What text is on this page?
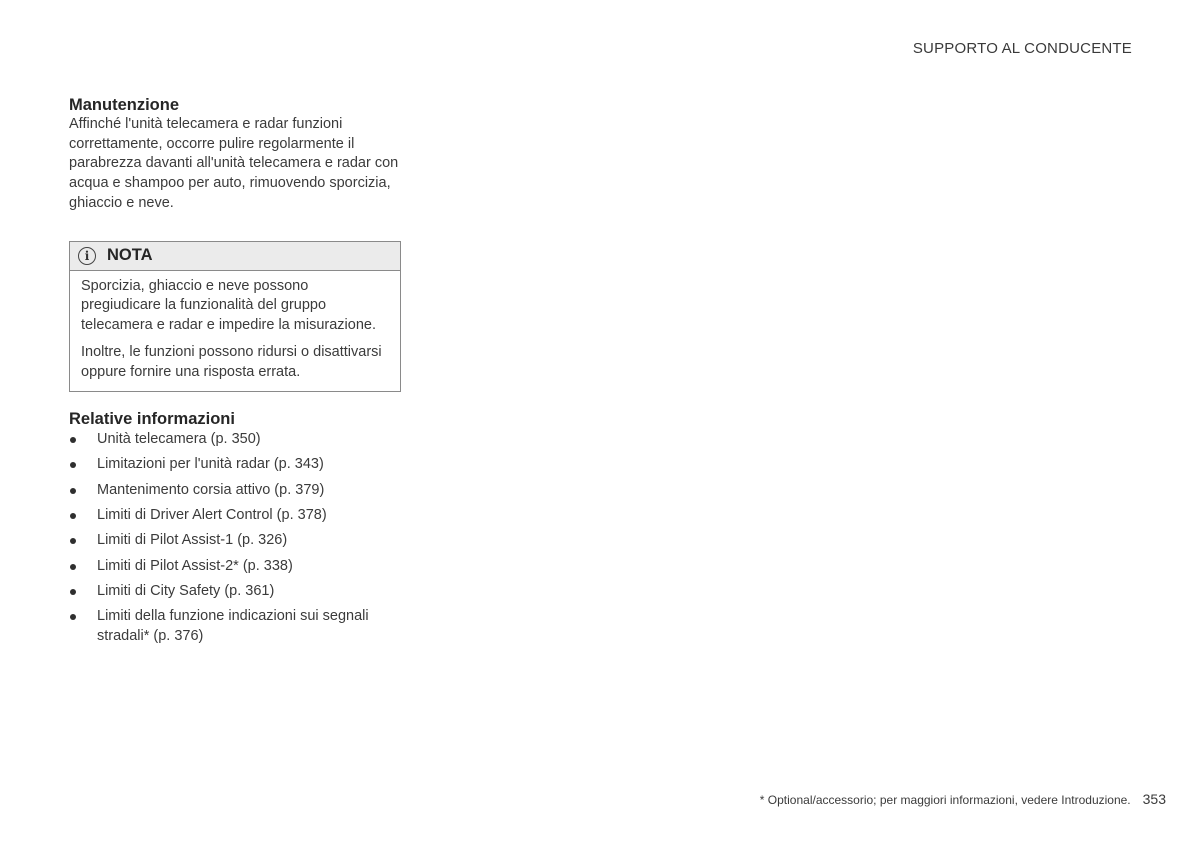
SUPPORTO AL CONDUCENTE
Manutenzione

Affinché l'unità telecamera e radar funzioni correttamente, occorre pulire regolarmente il parabrezza davanti all'unità telecamera e radar con acqua e shampoo per auto, rimuovendo sporcizia, ghiaccio e neve.

i	NOTA

Sporcizia, ghiaccio e neve possono pregiudicare la funzionalità del gruppo telecamera e radar e impedire la misurazione.

Inoltre, le funzioni possono ridursi o disattivarsi oppure fornire una risposta errata.

Relative informazioni
Unità telecamera (p. 350)
Limitazioni per l'unità radar (p. 343)
Mantenimento corsia attivo (p. 379)
Limiti di Driver Alert Control (p. 378)
Limiti di Pilot Assist-1 (p. 326)
Limiti di Pilot Assist-2* (p. 338)
Limiti di City Safety (p. 361)
Limiti della funzione indicazioni sui segnali stradali* (p. 376)
* Optional/accessorio; per maggiori informazioni, vedere Introduzione. 353
